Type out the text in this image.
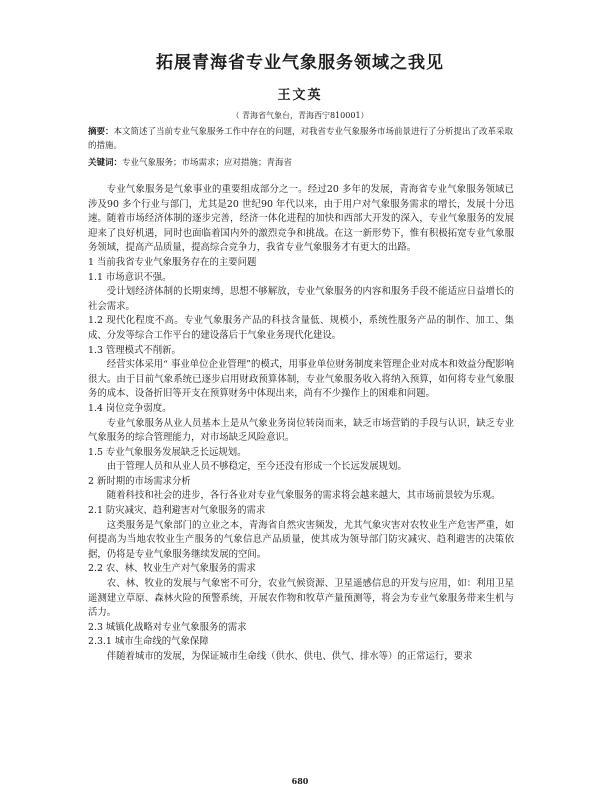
拓展青海省专业气象服务领域之我见
王文英
（ 青海省气象台，青海西宁810001）
摘要：本文简述了当前专业气象服务工作中存在的问题，对我省专业气象服务市场前景进行了分析提出了改革采取的措施。
关键词：专业气象服务；市场需求；应对措施；青海省

专业气象服务是气象事业的重要组成部分之一。经过20 多年的发展，青海省专业气象服务领域已涉及90 多个行业与部门，尤其是20 世纪90 年代以来，由于用户对气象服务需求的增长，发展十分迅速。随着市场经济体制的逐步完善，经济一体化进程的加快和西部大开发的深入，专业气象服务的发展迎来了良好机遇，同时也面临着国内外的激烈竞争和挑战。在这一新形势下，惟有积极拓宽专业气象服务领域，提高产品质量，提高综合竞争力，我省专业气象服务才有更大的出路。

1 当前我省专业气象服务存在的主要问题

1.1 市场意识不强。

受计划经济体制的长期束缚，思想不够解放，专业气象服务的内容和服务手段不能适应日益增长的社会需求。

1.2 现代化程度不高。专业气象服务产品的科技含量低、规模小，系统性服务产品的制作、加工、集成、分发等综合工作平台的建设落后于气象业务现代化建设。

1.3 管理模式不削新。

经营实体采用“ 事业单位企业管理”的模式，用事业单位财务制度来管理企业对成本和效益分配影响很大。由于目前气象系统已逐步启用财政预算体制，专业气象服务收入将纳入预算，如何将专业气象服务的成本、设备折旧等开支在预算财务中体现出来，尚有不少操作上的困难和问题。

1.4 岗位竞争弱度。

专业气象服务从业人员基本上是从气象业务岗位转岗而来，缺乏市场营销的手段与认识，缺乏专业气象服务的综合管理能力，对市场缺乏风险意识。

1.5 专业气象服务发展缺乏长远规划。

由于管理人员和从业人员不够稳定，至今还没有形成一个长远发展规划。

2 新时期的市场需求分析

随着科技和社会的进步，各行各业对专业气象服务的需求将会越来越大，其市场前景较为乐观。

2.1 防灾减灾、趋利避害对气象服务的需求

这类服务是气象部门的立业之本，青海省自然灾害频发，尤其气象灾害对农牧业生产危害严重，如何提高为当地农牧业生产服务的气象信息产品质量，使其成为领导部门防灾减灾、趋利避害的决策依据，仍将是专业气象服务继续发展的空间。

2.2 农、林、牧业生产对气象服务的需求

农、林、牧业的发展与气象密不可分，农业气候资源、卫星遥感信息的开发与应用，如：利用卫星遥测建立草原、森林火险的预警系统，开展农作物和牧草产量预测等，将会为专业气象服务带来生机与活力。

2.3 城镇化战略对专业气象服务的需求

2.3.1 城市生命线的气象保障

伴随着城市的发展，为保证城市生命线（供水、供电、供气、排水等）的正常运行，要求

680
